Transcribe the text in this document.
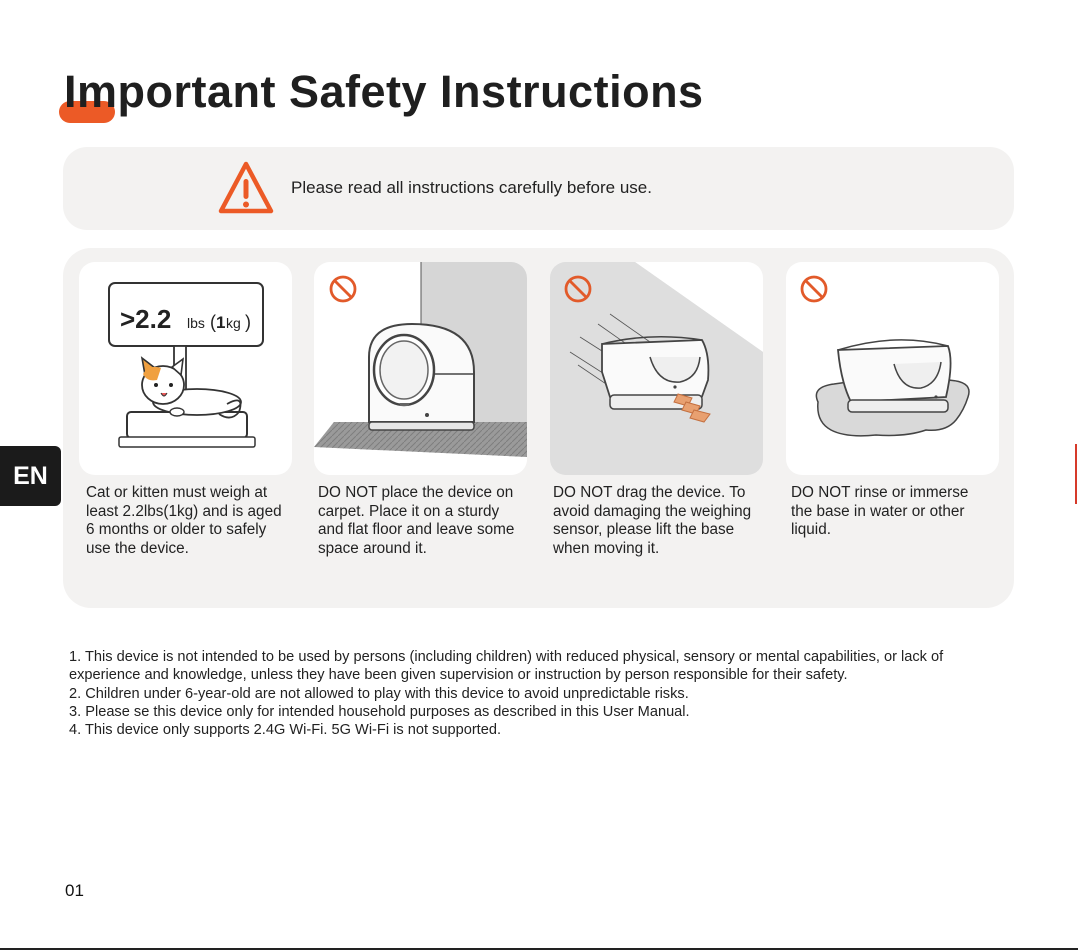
Important Safety Instructions
Please read all instructions carefully before use.
>2.2 lbs ( 1 kg )
Cat or kitten must weigh at least 2.2lbs(1kg) and is aged 6 months or older to safely use the device.
DO NOT place the device on carpet. Place it on a sturdy and flat floor and leave some space around it.
DO NOT drag the device. To avoid damaging the weighing sensor, please lift the base when moving it.
DO NOT rinse or immerse the base in water or other liquid.
EN
1. This device is not intended to be used by persons (including children) with reduced physical, sensory or mental capabilities, or lack of experience and knowledge, unless they have been given supervision or instruction by person responsible for their safety.
2. Children under 6-year-old are not allowed to play with this device to avoid unpredictable risks.
3. Please se this device only for intended household purposes as described in this User Manual.
4. This device only supports 2.4G Wi-Fi. 5G Wi-Fi is not supported.
01
